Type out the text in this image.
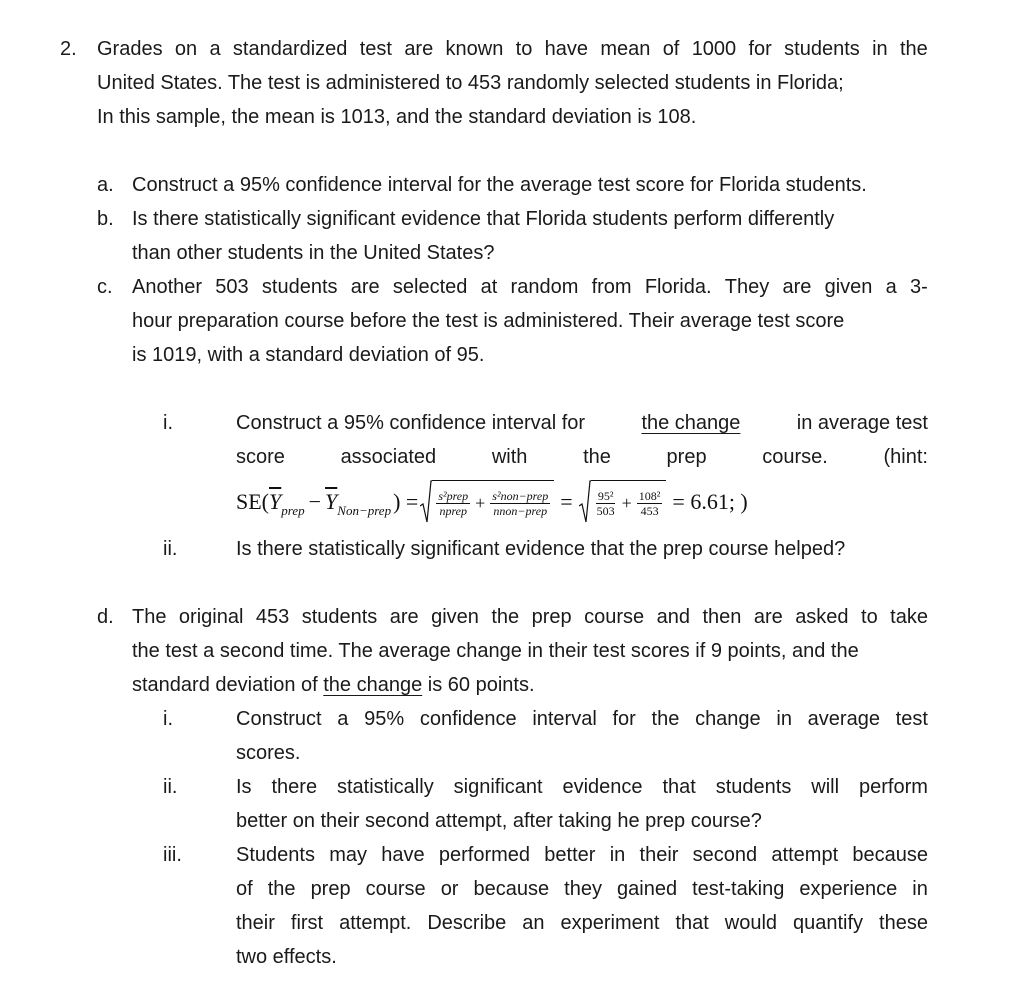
2. Grades on a standardized test are known to have mean of 1000 for students in the
United States. The test is administered to 453 randomly selected students in Florida;
In this sample, the mean is 1013, and the standard deviation is 108.
a. Construct a 95% confidence interval for the average test score for Florida students.
b. Is there statistically significant evidence that Florida students perform differently
than other students in the United States?
c. Another 503 students are selected at random from Florida. They are given a 3-
hour preparation course before the test is administered. Their average test score
is 1019, with a standard deviation of 95.
i.	Construct a 95% confidence interval for	the change	in average test
score	associated	with	the	prep	course.	(hint:
SE( $\overline{Y}$ prep − $\overline{Y}$ Non−prep ) = $\frac{\text{s²prep}}{\text{nprep}} + \frac{\text{s²non−prep}}{\text{nnon−prep}} = \frac{\text{95²}}{503} + \frac{\text{108²}}{453} = 6.61$; )
ii.	Is there statistically significant evidence that the prep course helped?
d. The original 453 students are given the prep course and then are asked to take
the test a second time. The average change in their test scores if 9 points, and the
standard deviation of the change is 60 points.
i.	Construct a 95% confidence interval for the change in average test
scores.
ii.	Is there statistically significant evidence that students will perform
better on their second attempt, after taking he prep course?
iii.	Students may have performed better in their second attempt because
of the prep course or because they gained test-taking experience in
their first attempt. Describe an experiment that would quantify these
two effects.
